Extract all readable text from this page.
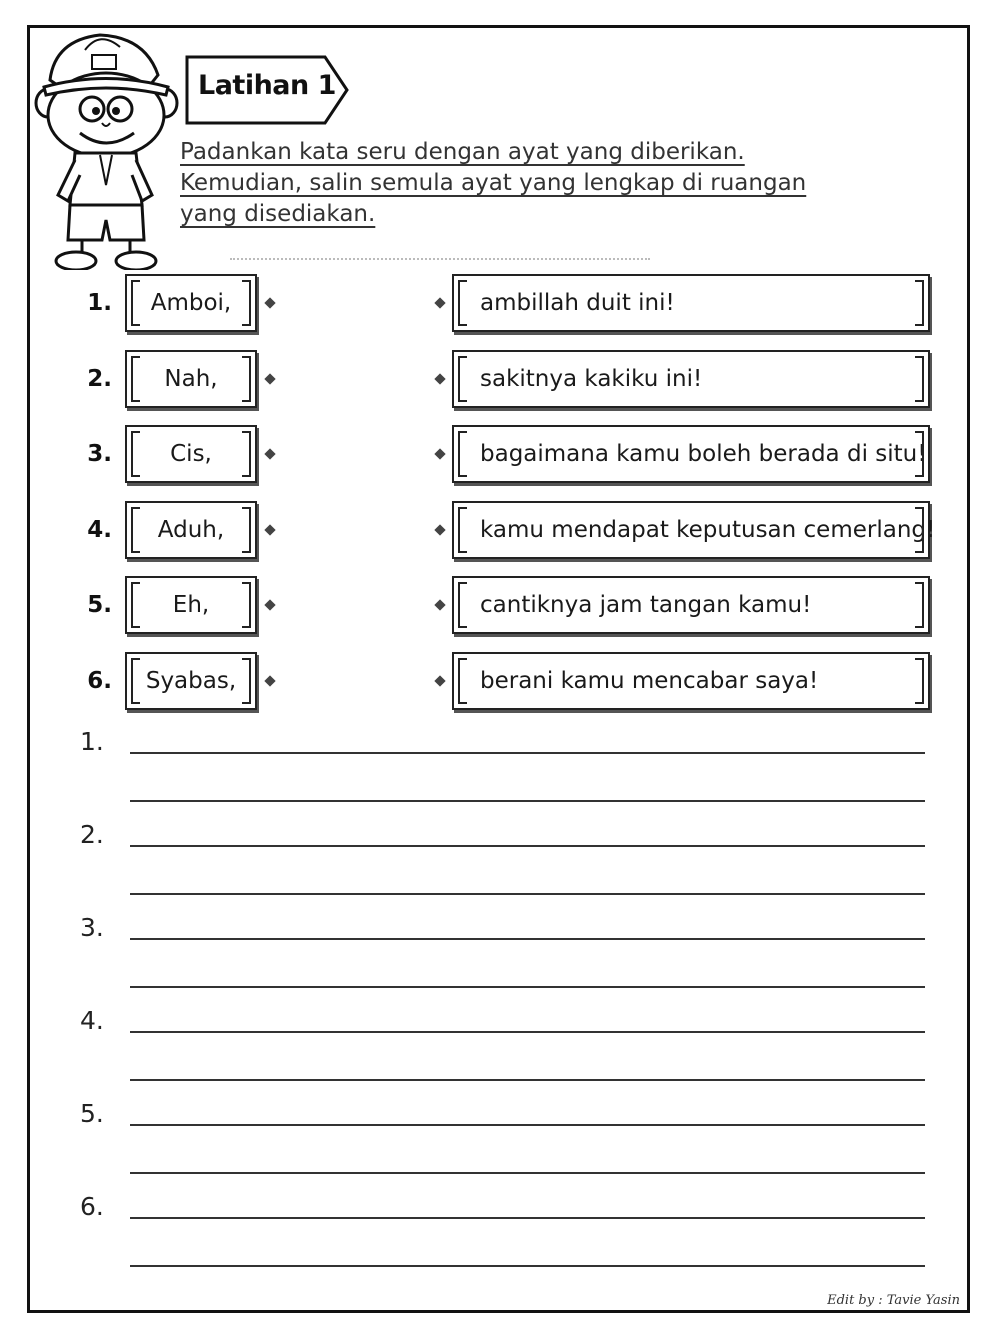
Latihan 1
Padankan kata seru dengan ayat yang diberikan.
Kemudian, salin semula ayat yang lengkap di ruangan
yang disediakan.
1. Amboi,	ambillah duit ini!
2. Nah,	sakitnya kakiku ini!
3.	Cis,	bagaimana kamu boleh berada di situ!
4. Aduh,	kamu mendapat keputusan cemerlang!
5.	Eh,	cantiknya jam tangan kamu!
6. Syabas,	berani kamu mencabar saya!
1.
2.
3.
4.
5.
6.
Edit by : Tavie Yasin
